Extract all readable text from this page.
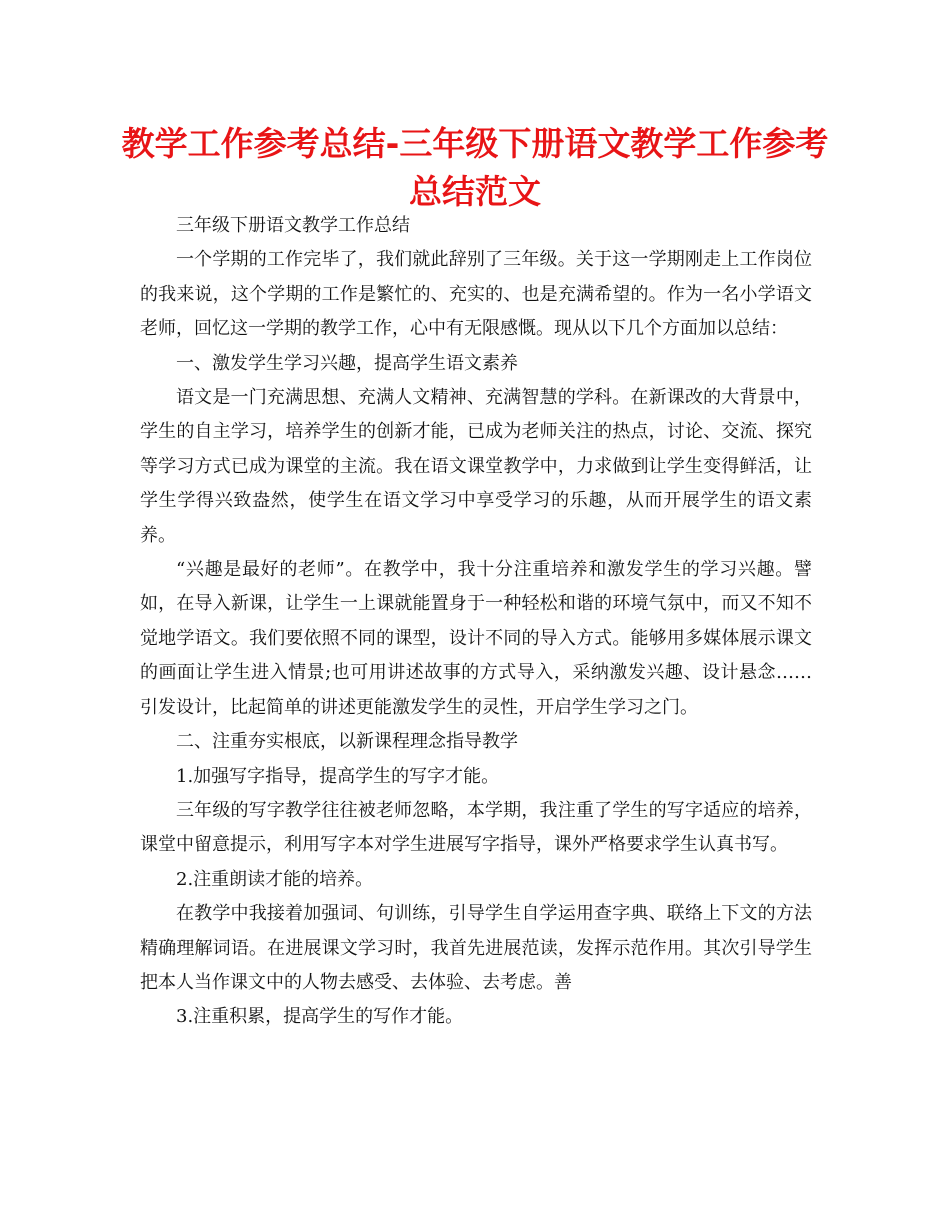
教学工作参考总结-三年级下册语文教学工作参考总结范文

三年级下册语文教学工作总结

一个学期的工作完毕了，我们就此辞别了三年级。关于这一学期刚走上工作岗位的我来说，这个学期的工作是繁忙的、充实的、也是充满希望的。作为一名小学语文老师，回忆这一学期的教学工作，心中有无限感慨。现从以下几个方面加以总结：

一、激发学生学习兴趣，提高学生语文素养

语文是一门充满思想、充满人文精神、充满智慧的学科。在新课改的大背景中，学生的自主学习，培养学生的创新才能，已成为老师关注的热点，讨论、交流、探究等学习方式已成为课堂的主流。我在语文课堂教学中，力求做到让学生变得鲜活，让学生学得兴致盎然，使学生在语文学习中享受学习的乐趣，从而开展学生的语文素养。

“兴趣是最好的老师”。在教学中，我十分注重培养和激发学生的学习兴趣。譬如，在导入新课，让学生一上课就能置身于一种轻松和谐的环境气氛中，而又不知不觉地学语文。我们要依照不同的课型，设计不同的导入方式。能够用多媒体展示课文的画面让学生进入情景;也可用讲述故事的方式导入，采纳激发兴趣、设计悬念……引发设计，比起简单的讲述更能激发学生的灵性，开启学生学习之门。

二、注重夯实根底，以新课程理念指导教学

1.加强写字指导，提高学生的写字才能。

三年级的写字教学往往被老师忽略，本学期，我注重了学生的写字适应的培养，课堂中留意提示，利用写字本对学生进展写字指导，课外严格要求学生认真书写。

2.注重朗读才能的培养。

在教学中我接着加强词、句训练，引导学生自学运用查字典、联络上下文的方法精确理解词语。在进展课文学习时，我首先进展范读，发挥示范作用。其次引导学生把本人当作课文中的人物去感受、去体验、去考虑。善

3.注重积累，提高学生的写作才能。
